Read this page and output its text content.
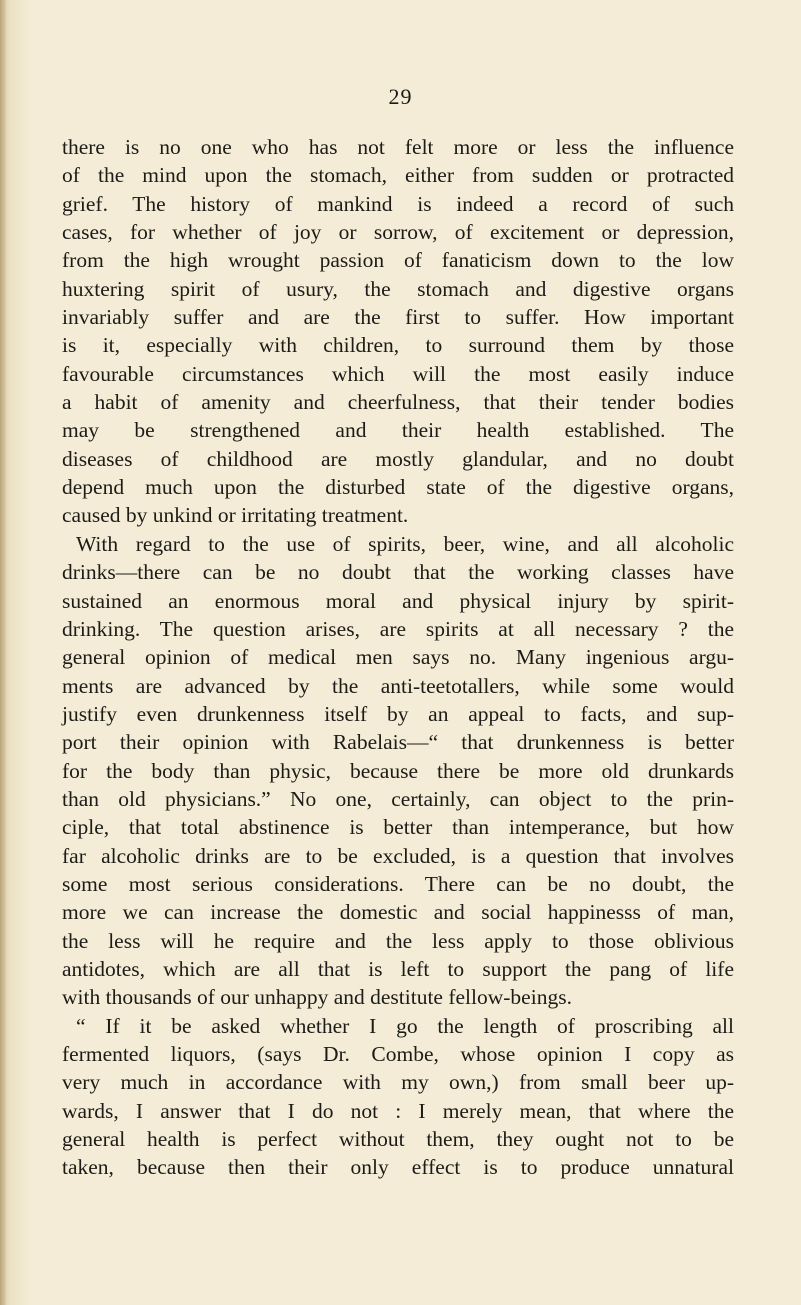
29
there is no one who has not felt more or less the influence
of the mind upon the stomach, either from sudden or protracted
grief. The history of mankind is indeed a record of such
cases, for whether of joy or sorrow, of excitement or depression,
from the high wrought passion of fanaticism down to the low
huxtering spirit of usury, the stomach and digestive organs
invariably suffer and are the first to suffer. How important
is it, especially with children, to surround them by those
favourable circumstances which will the most easily induce
a habit of amenity and cheerfulness, that their tender bodies
may be strengthened and their health established. The
diseases of childhood are mostly glandular, and no doubt
depend much upon the disturbed state of the digestive organs,
caused by unkind or irritating treatment.
With regard to the use of spirits, beer, wine, and all alcoholic
drinks—there can be no doubt that the working classes have
sustained an enormous moral and physical injury by spirit-
drinking. The question arises, are spirits at all necessary ? the
general opinion of medical men says no. Many ingenious argu-
ments are advanced by the anti-teetotallers, while some would
justify even drunkenness itself by an appeal to facts, and sup-
port their opinion with Rabelais—“ that drunkenness is better
for the body than physic, because there be more old drunkards
than old physicians.” No one, certainly, can object to the prin-
ciple, that total abstinence is better than intemperance, but how
far alcoholic drinks are to be excluded, is a question that involves
some most serious considerations. There can be no doubt, the
more we can increase the domestic and social happinesss of man,
the less will he require and the less apply to those oblivious
antidotes, which are all that is left to support the pang of life
with thousands of our unhappy and destitute fellow-beings.
“ If it be asked whether I go the length of proscribing all
fermented liquors, (says Dr. Combe, whose opinion I copy as
very much in accordance with my own,) from small beer up-
wards, I answer that I do not : I merely mean, that where the
general health is perfect without them, they ought not to be
taken, because then their only effect is to produce unnatural
